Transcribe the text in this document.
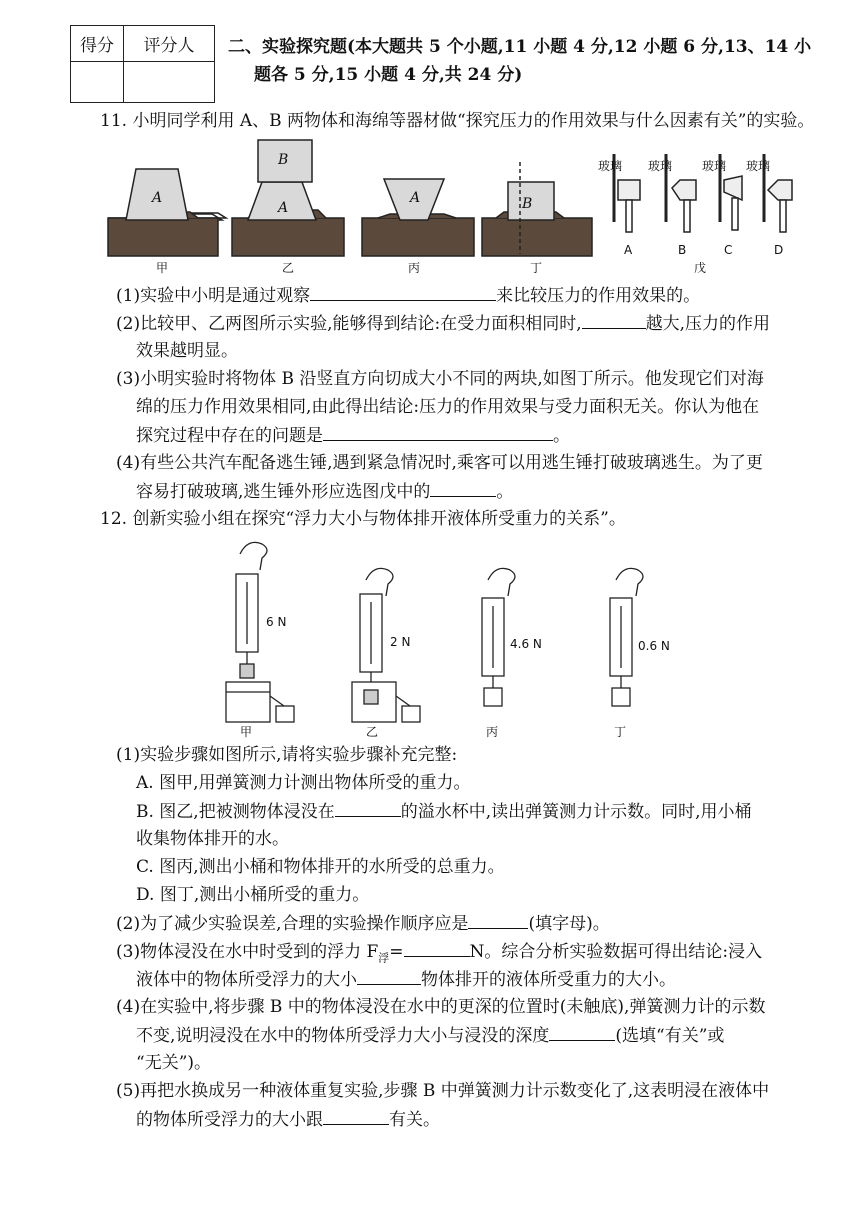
得分	评分人
	二、实验探究题(本大题共 5 个小题,11 小题 4 分,12 小题 6 分,13、14 小
题各 5 分,15 小题 4 分,共 24 分)
11. 小明同学利用 A、B 两物体和海绵等器材做“探究压力的作用效果与什么因素有关”的实验。
A
B
A
A	B
玻璃 玻璃 玻璃 玻璃
A	B	C	D
甲	乙	丙	丁	戊
(1)实验中小明是通过观察	来比较压力的作用效果的。
(2)比较甲、乙两图所示实验,能够得到结论:在受力面积相同时,	越大,压力的作用
效果越明显。
(3)小明实验时将物体 B 沿竖直方向切成大小不同的两块,如图丁所示。他发现它们对海
绵的压力作用效果相同,由此得出结论:压力的作用效果与受力面积无关。你认为他在
探究过程中存在的问题是	。
(4)有些公共汽车配备逃生锤,遇到紧急情况时,乘客可以用逃生锤打破玻璃逃生。为了更
容易打破玻璃,逃生锤外形应选图戊中的	。
12. 创新实验小组在探究“浮力大小与物体排开液体所受重力的关系”。
6 N
2 N	4.6 N	0.6 N
甲	乙	丙	丁
(1)实验步骤如图所示,请将实验步骤补充完整:
A. 图甲,用弹簧测力计测出物体所受的重力。
B. 图乙,把被测物体浸没在	的溢水杯中,读出弹簧测力计示数。同时,用小桶
收集物体排开的水。
C. 图丙,测出小桶和物体排开的水所受的总重力。
D. 图丁,测出小桶所受的重力。
(2)为了减少实验误差,合理的实验操作顺序应是	(填字母)。
(3)物体浸没在水中时受到的浮力 $F_浮=$	N。综合分析实验数据可得出结论:浸入
液体中的物体所受浮力的大小	物体排开的液体所受重力的大小。
(4)在实验中,将步骤 B 中的物体浸没在水中的更深的位置时(未触底),弹簧测力计的示数
不变,说明浸没在水中的物体所受浮力大小与浸没的深度	(选填“有关”或
“无关”)。
(5)再把水换成另一种液体重复实验,步骤 B 中弹簧测力计示数变化了,这表明浸在液体中
的物体所受浮力的大小跟	有关。
